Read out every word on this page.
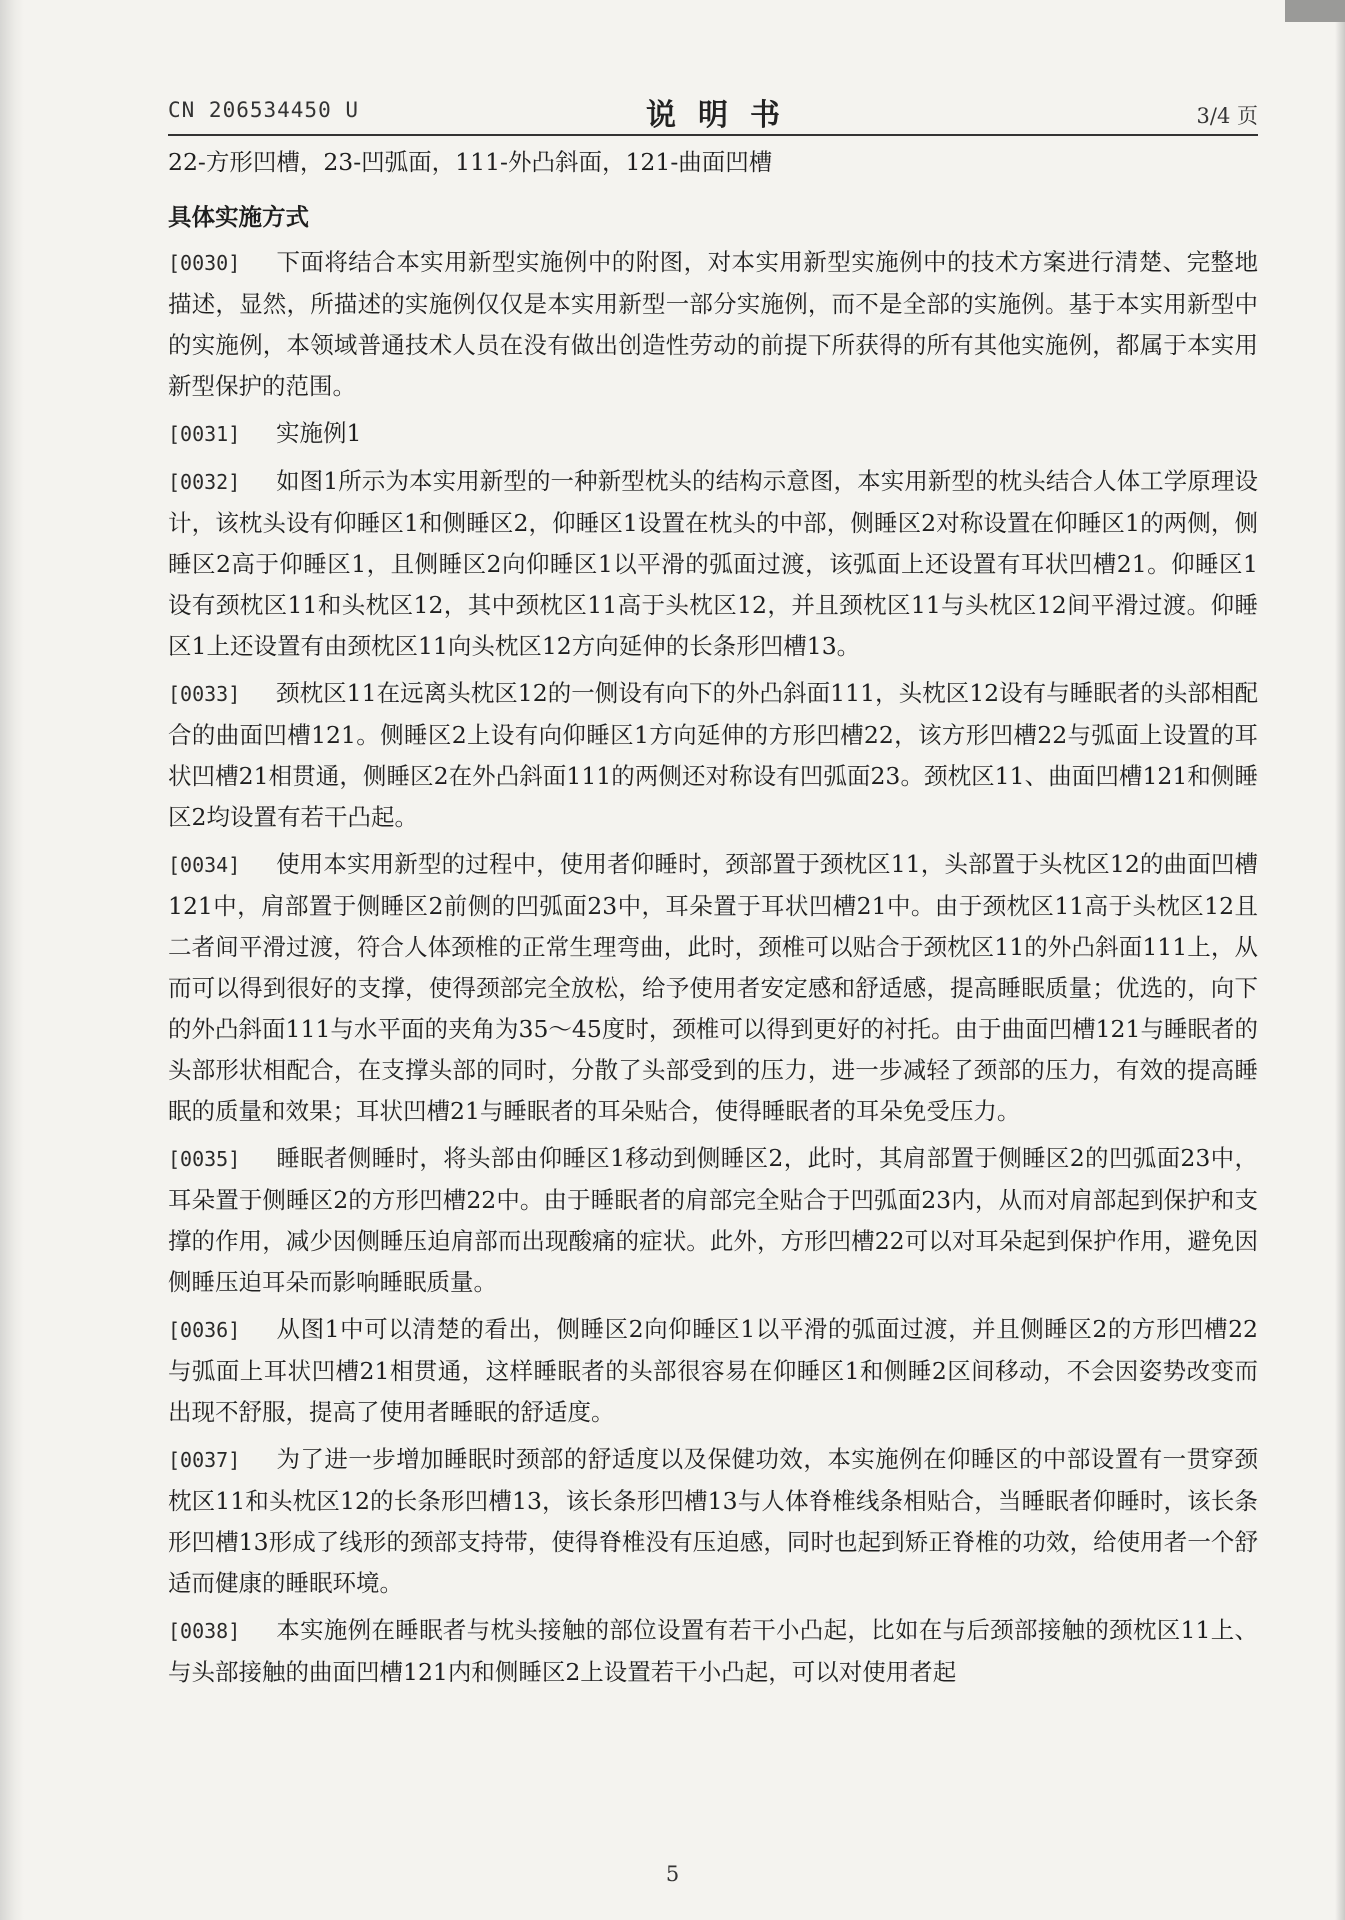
CN 206534450 U	说明书	3/4 页

22-方形凹槽，23-凹弧面，111-外凸斜面，121-曲面凹槽

具体实施方式

[0030] 下面将结合本实用新型实施例中的附图，对本实用新型实施例中的技术方案进行清楚、完整地描述，显然，所描述的实施例仅仅是本实用新型一部分实施例，而不是全部的实施例。基于本实用新型中的实施例，本领域普通技术人员在没有做出创造性劳动的前提下所获得的所有其他实施例，都属于本实用新型保护的范围。

[0031] 实施例1

[0032] 如图1所示为本实用新型的一种新型枕头的结构示意图，本实用新型的枕头结合人体工学原理设计，该枕头设有仰睡区1和侧睡区2，仰睡区1设置在枕头的中部，侧睡区2对称设置在仰睡区1的两侧，侧睡区2高于仰睡区1，且侧睡区2向仰睡区1以平滑的弧面过渡，该弧面上还设置有耳状凹槽21。仰睡区1设有颈枕区11和头枕区12，其中颈枕区11高于头枕区12，并且颈枕区11与头枕区12间平滑过渡。仰睡区1上还设置有由颈枕区11向头枕区12方向延伸的长条形凹槽13。

[0033] 颈枕区11在远离头枕区12的一侧设有向下的外凸斜面111，头枕区12设有与睡眠者的头部相配合的曲面凹槽121。侧睡区2上设有向仰睡区1方向延伸的方形凹槽22，该方形凹槽22与弧面上设置的耳状凹槽21相贯通，侧睡区2在外凸斜面111的两侧还对称设有凹弧面23。颈枕区11、曲面凹槽121和侧睡区2均设置有若干凸起。

[0034] 使用本实用新型的过程中，使用者仰睡时，颈部置于颈枕区11，头部置于头枕区12的曲面凹槽121中，肩部置于侧睡区2前侧的凹弧面23中，耳朵置于耳状凹槽21中。由于颈枕区11高于头枕区12且二者间平滑过渡，符合人体颈椎的正常生理弯曲，此时，颈椎可以贴合于颈枕区11的外凸斜面111上，从而可以得到很好的支撑，使得颈部完全放松，给予使用者安定感和舒适感，提高睡眠质量；优选的，向下的外凸斜面111与水平面的夹角为35～45度时，颈椎可以得到更好的衬托。由于曲面凹槽121与睡眠者的头部形状相配合，在支撑头部的同时，分散了头部受到的压力，进一步减轻了颈部的压力，有效的提高睡眠的质量和效果；耳状凹槽21与睡眠者的耳朵贴合，使得睡眠者的耳朵免受压力。

[0035] 睡眠者侧睡时，将头部由仰睡区1移动到侧睡区2，此时，其肩部置于侧睡区2的凹弧面23中，耳朵置于侧睡区2的方形凹槽22中。由于睡眠者的肩部完全贴合于凹弧面23内，从而对肩部起到保护和支撑的作用，减少因侧睡压迫肩部而出现酸痛的症状。此外，方形凹槽22可以对耳朵起到保护作用，避免因侧睡压迫耳朵而影响睡眠质量。

[0036] 从图1中可以清楚的看出，侧睡区2向仰睡区1以平滑的弧面过渡，并且侧睡区2的方形凹槽22与弧面上耳状凹槽21相贯通，这样睡眠者的头部很容易在仰睡区1和侧睡2区间移动，不会因姿势改变而出现不舒服，提高了使用者睡眠的舒适度。

[0037] 为了进一步增加睡眠时颈部的舒适度以及保健功效，本实施例在仰睡区的中部设置有一贯穿颈枕区11和头枕区12的长条形凹槽13，该长条形凹槽13与人体脊椎线条相贴合，当睡眠者仰睡时，该长条形凹槽13形成了线形的颈部支持带，使得脊椎没有压迫感，同时也起到矫正脊椎的功效，给使用者一个舒适而健康的睡眠环境。

[0038] 本实施例在睡眠者与枕头接触的部位设置有若干小凸起，比如在与后颈部接触的颈枕区11上、与头部接触的曲面凹槽121内和侧睡区2上设置若干小凸起，可以对使用者起

5
